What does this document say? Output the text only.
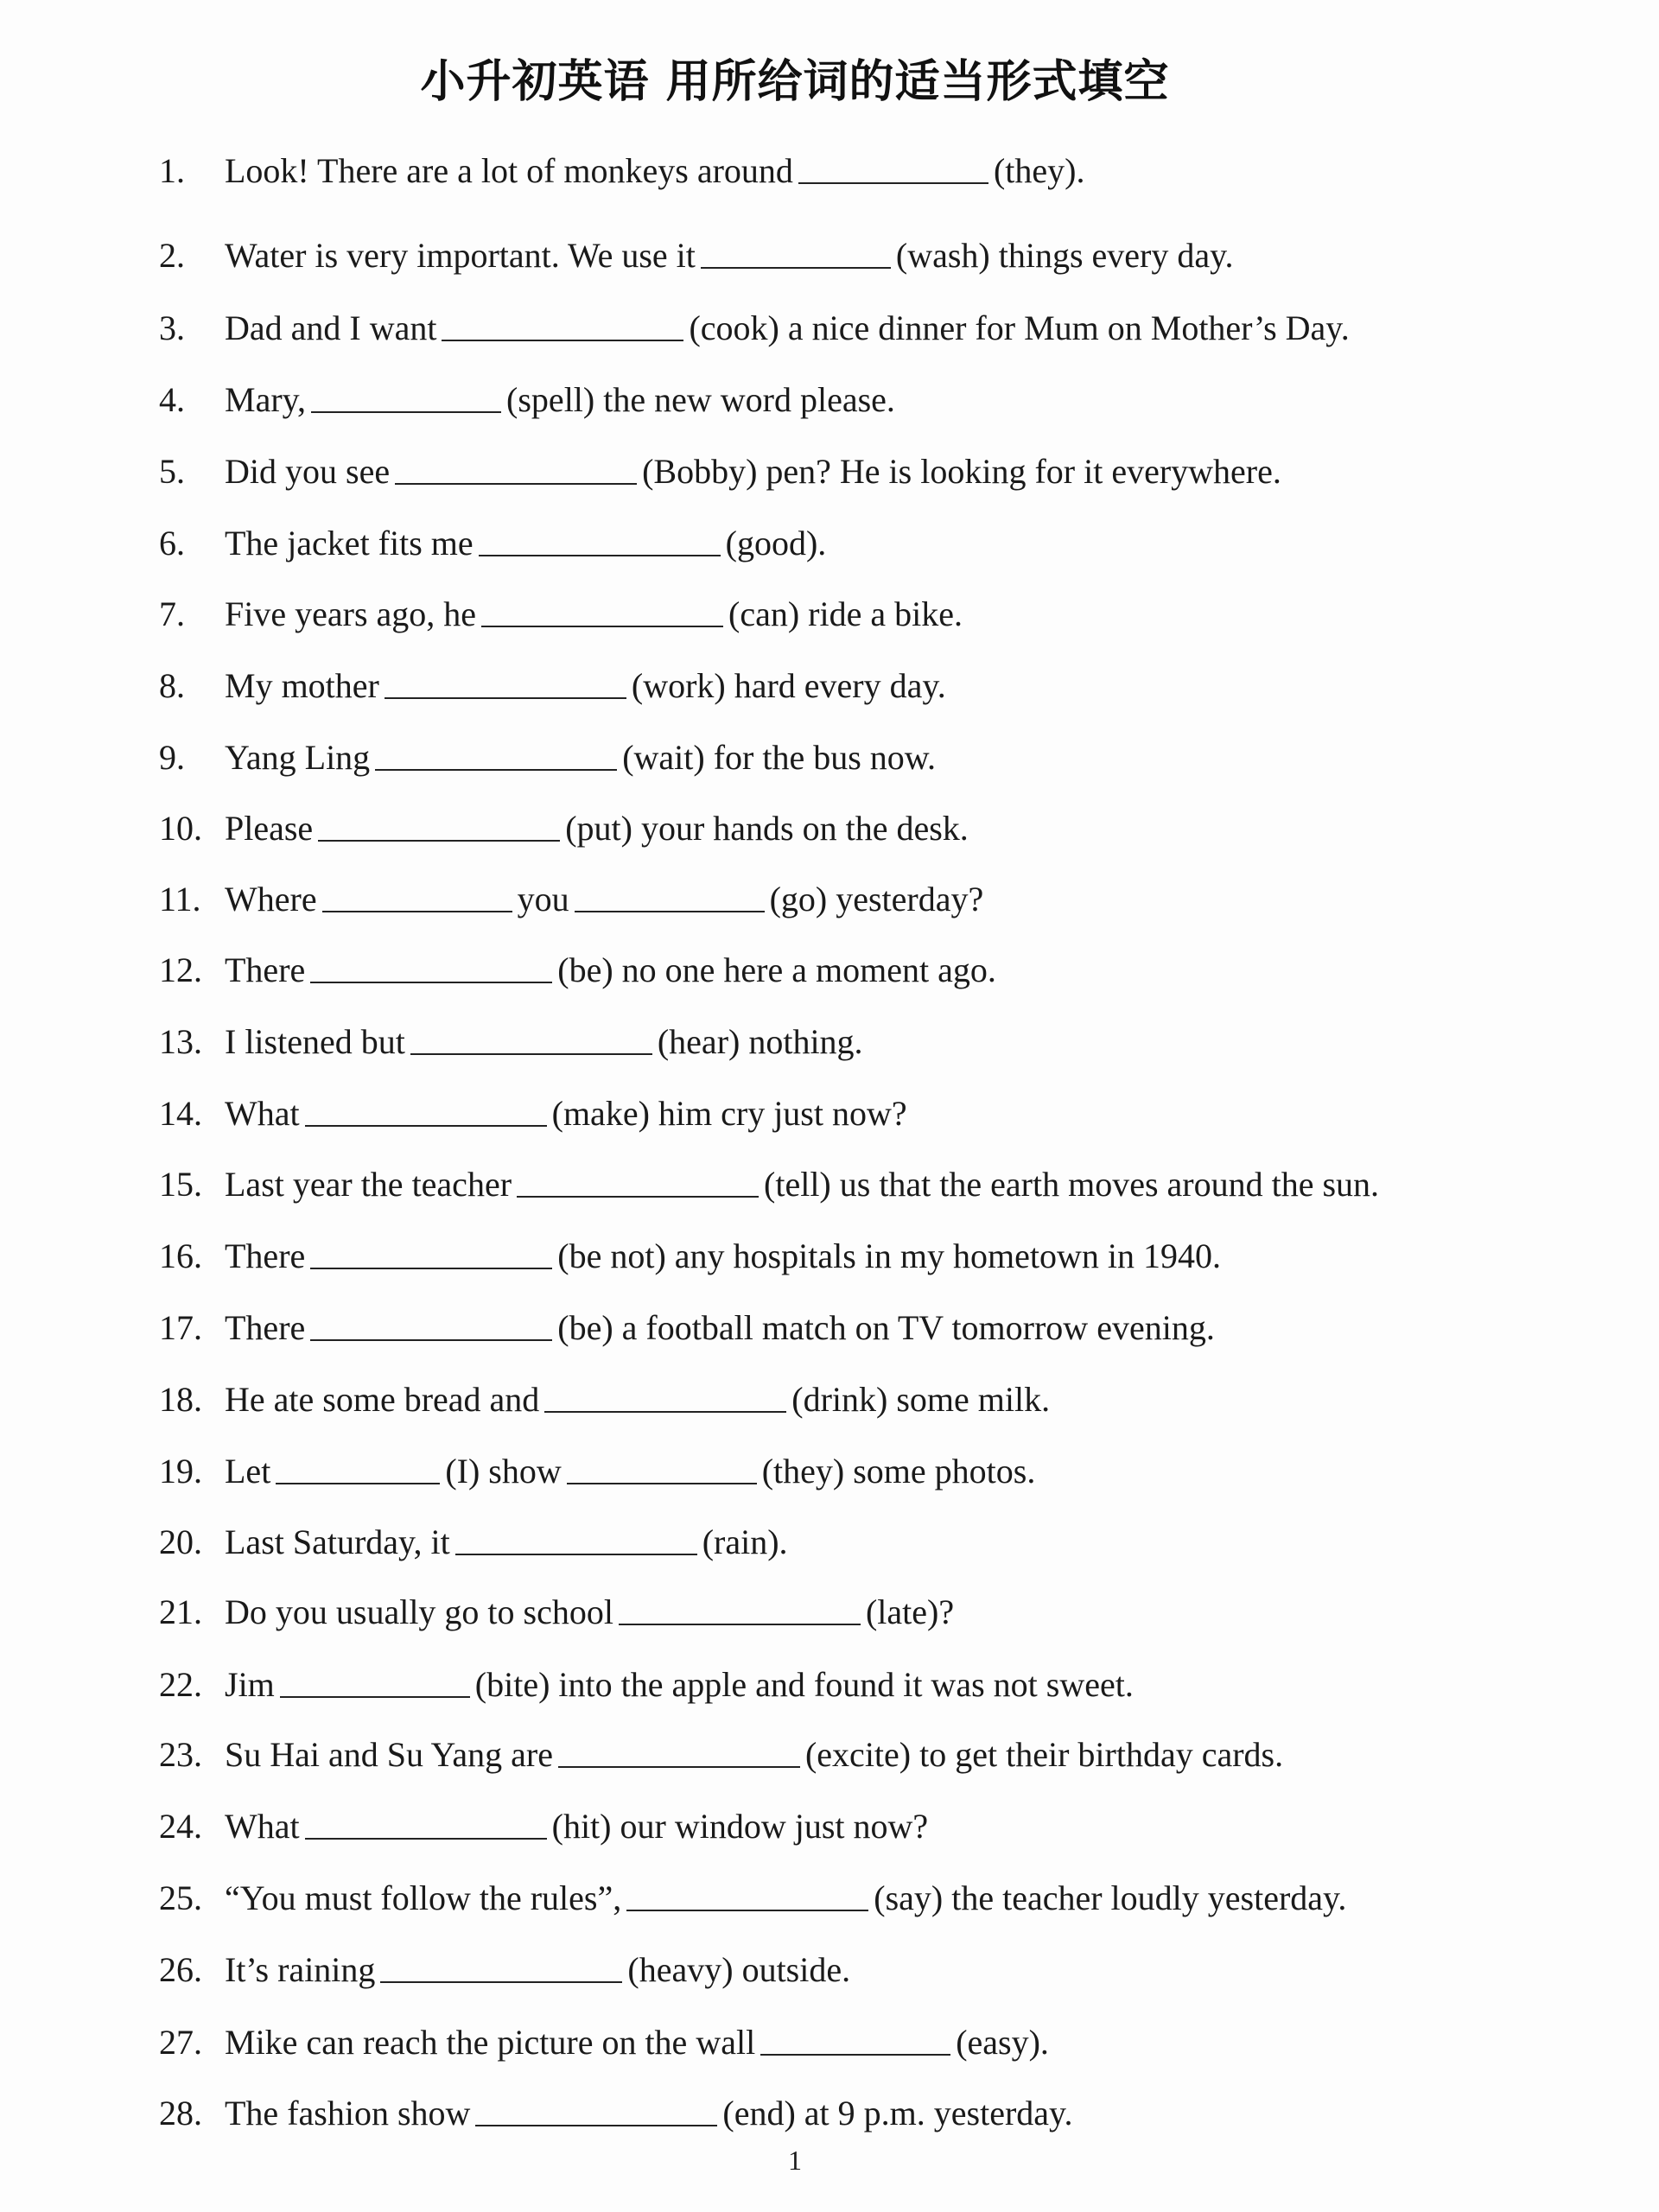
小升初英语 用所给词的适当形式填空
1. Look! There are a lot of monkeys around	(they).
2. Water is very important. We use it	(wash) things every day.
3. Dad and I want	(cook) a nice dinner for Mum on Mother’s Day.
4. Mary,	(spell) the new word please.
5. Did you see	(Bobby) pen? He is looking for it everywhere.
6. The jacket fits me	(good).
7. Five years ago, he	(can) ride a bike.
8. My mother	(work) hard every day.
9. Yang Ling	(wait) for the bus now.
10. Please	(put) your hands on the desk.
11. Where	you	(go) yesterday?
12. There	(be) no one here a moment ago.
13. I listened but	(hear) nothing.
14. What	(make) him cry just now?
15. Last year the teacher	(tell) us that the earth moves around the sun.
16. There	(be not) any hospitals in my hometown in 1940.
17. There	(be) a football match on TV tomorrow evening.
18. He ate some bread and	(drink) some milk.
19. Let	(I) show	(they) some photos.
20. Last Saturday, it	(rain).
21. Do you usually go to school	(late)?
22. Jim	(bite) into the apple and found it was not sweet.
23. Su Hai and Su Yang are	(excite) to get their birthday cards.
24. What	(hit) our window just now?
25. “You must follow the rules”,	(say) the teacher loudly yesterday.
26. It’s raining	(heavy) outside.
27. Mike can reach the picture on the wall	(easy).
28. The fashion show	(end) at 9 p.m. yesterday.
1
